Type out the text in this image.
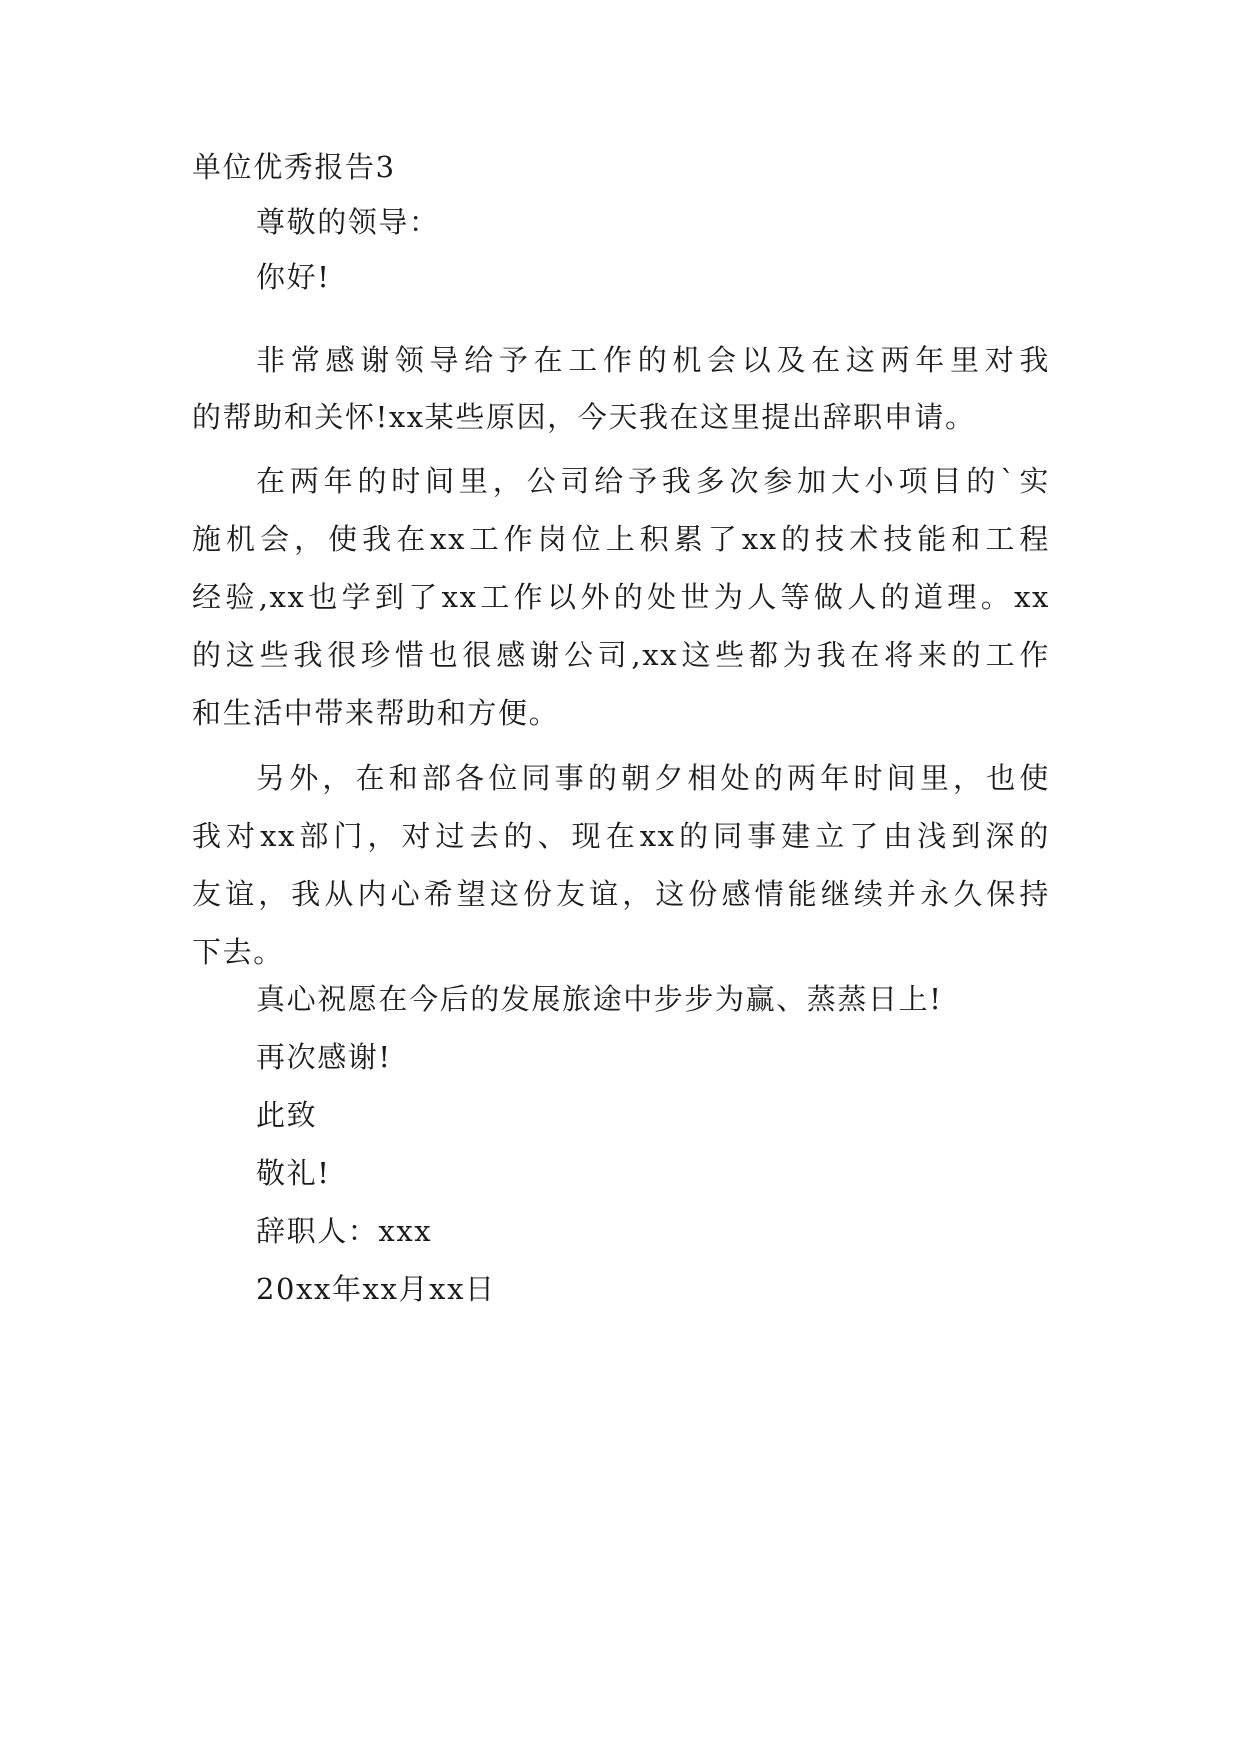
单位优秀报告3
尊敬的领导：
你好!
非常感谢领导给予在工作的机会以及在这两年里对我
的帮助和关怀!xx某些原因，今天我在这里提出辞职申请。
在两年的时间里，公司给予我多次参加大小项目的`实
施机会，使我在xx工作岗位上积累了xx的技术技能和工程
经验,xx也学到了xx工作以外的处世为人等做人的道理。xx
的这些我很珍惜也很感谢公司,xx这些都为我在将来的工作
和生活中带来帮助和方便。
另外，在和部各位同事的朝夕相处的两年时间里，也使
我对xx部门，对过去的、现在xx的同事建立了由浅到深的
友谊，我从内心希望这份友谊，这份感情能继续并永久保持
下去。
真心祝愿在今后的发展旅途中步步为赢、蒸蒸日上!
再次感谢!
此致
敬礼!
辞职人：xxx
20xx年xx月xx日
